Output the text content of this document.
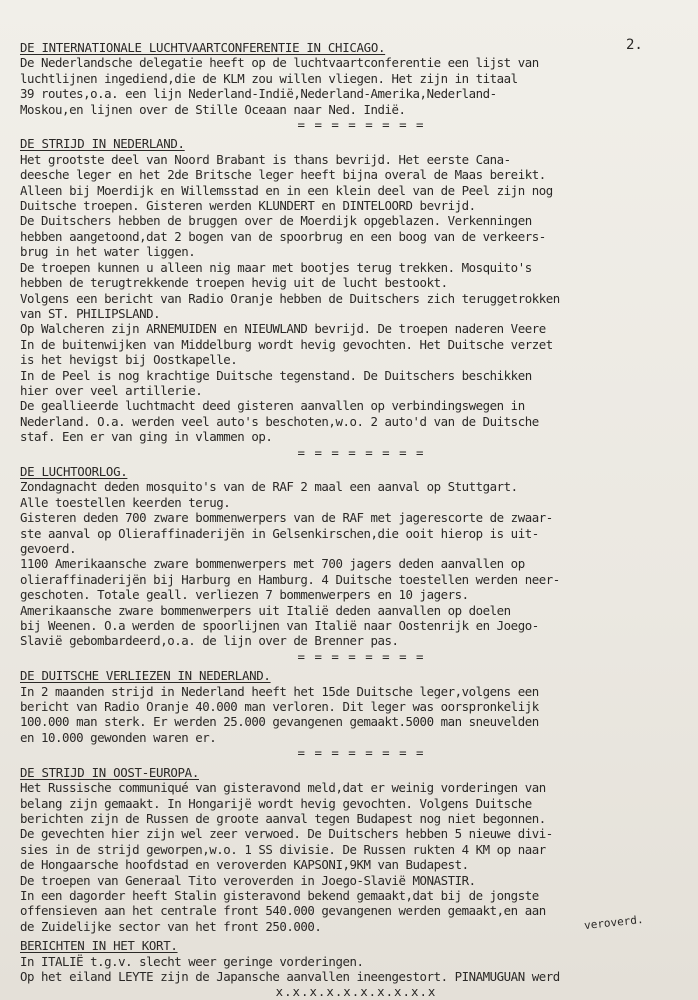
2.
DE INTERNATIONALE LUCHTVAARTCONFERENTIE IN CHICAGO.
De Nederlandsche delegatie heeft op de luchtvaartconferentie een lijst van
luchtlijnen ingediend,die de KLM zou willen vliegen. Het zijn in titaal
39 routes,o.a. een lijn Nederland-Indië,Nederland-Amerika,Nederland-
Moskou,en lijnen over de Stille Oceaan naar Ned. Indië.
= = = = = = = =
DE STRIJD IN NEDERLAND.
Het grootste deel van Noord Brabant is thans bevrijd. Het eerste Cana-
deesche leger en het 2de Britsche leger heeft bijna overal de Maas bereikt.
Alleen bij Moerdijk en Willemsstad en in een klein deel van de Peel zijn nog
Duitsche troepen. Gisteren werden KLUNDERT en DINTELOORD bevrijd.
De Duitschers hebben de bruggen over de Moerdijk opgeblazen. Verkenningen
hebben aangetoond,dat 2 bogen van de spoorbrug en een boog van de verkeers-
brug in het water liggen.
De troepen kunnen u alleen nig maar met bootjes terug trekken. Mosquito's
hebben de terugtrekkende troepen hevig uit de lucht bestookt.
Volgens een bericht van Radio Oranje hebben de Duitschers zich teruggetrokken
van ST. PHILIPSLAND.
Op Walcheren zijn ARNEMUIDEN en NIEUWLAND bevrijd. De troepen naderen Veere
In de buitenwijken van Middelburg wordt hevig gevochten. Het Duitsche verzet
is het hevigst bij Oostkapelle.
In de Peel is nog krachtige Duitsche tegenstand. De Duitschers beschikken
hier over veel artillerie.
De geallieerde luchtmacht deed gisteren aanvallen op verbindingswegen in
Nederland. O.a. werden veel auto's beschoten,w.o. 2 auto'd van de Duitsche
staf. Een er van ging in vlammen op.
= = = = = = = =
DE LUCHTOORLOG.
Zondagnacht deden mosquito's van de RAF 2 maal een aanval op Stuttgart.
Alle toestellen keerden terug.
Gisteren deden 700 zware bommenwerpers van de RAF met jagerescorte de zwaar-
ste aanval op Olieraffinaderijën in Gelsenkirschen,die ooit hierop is uit-
gevoerd.
1100 Amerikaansche zware bommenwerpers met 700 jagers deden aanvallen op
olieraffinaderijën bij Harburg en Hamburg. 4 Duitsche toestellen werden neer-
geschoten. Totale geall. verliezen 7 bommenwerpers en 10 jagers.
Amerikaansche zware bommenwerpers uit Italië deden aanvallen op doelen
bij Weenen. O.a werden de spoorlijnen van Italië naar Oostenrijk en Joego-
Slavië gebombardeerd,o.a. de lijn over de Brenner pas.
= = = = = = = =
DE DUITSCHE VERLIEZEN IN NEDERLAND.
In 2 maanden strijd in Nederland heeft het 15de Duitsche leger,volgens een
bericht van Radio Oranje 40.000 man verloren. Dit leger was oorspronkelijk
100.000 man sterk. Er werden 25.000 gevangenen gemaakt.5000 man sneuvelden
en 10.000 gewonden waren er.
= = = = = = = =
DE STRIJD IN OOST-EUROPA.
Het Russische communiqué van gisteravond meld,dat er weinig vorderingen van
belang zijn gemaakt. In Hongarijë wordt hevig gevochten. Volgens Duitsche
berichten zijn de Russen de groote aanval tegen Budapest nog niet begonnen.
De gevechten hier zijn wel zeer verwoed. De Duitschers hebben 5 nieuwe divi-
sies in de strijd geworpen,w.o. 1 SS divisie. De Russen rukten 4 KM op naar
de Hongaarsche hoofdstad en veroverden KAPSONI,9KM van Budapest.
De troepen van Generaal Tito veroverden in Joego-Slavië MONASTIR.
In een dagorder heeft Stalin gisteravond bekend gemaakt,dat bij de jongste
offensieven aan het centrale front 540.000 gevangenen werden gemaakt,en aan
de Zuidelijke sector van het front 250.000.
BERICHTEN IN HET KORT.
In ITALIË t.g.v. slecht weer geringe vorderingen.
Op het eiland LEYTE zijn de Japansche aanvallen ineengestort. PINAMUGUAN werd
x.x.x.x.x.x.x.x.x.x
veroverd.
